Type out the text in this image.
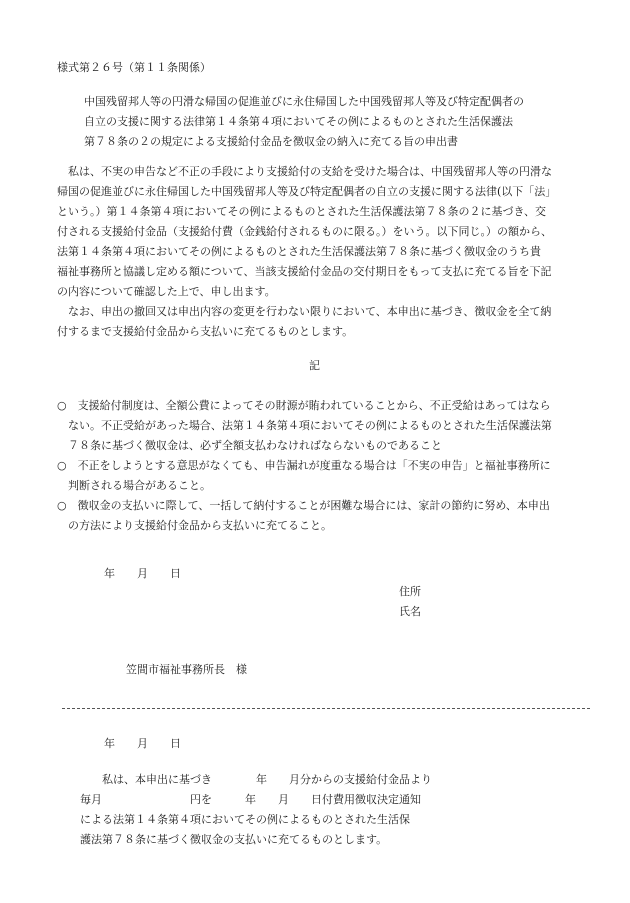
様式第２６号（第１１条関係）
中国残留邦人等の円滑な帰国の促進並びに永住帰国した中国残留邦人等及び特定配偶者の
自立の支援に関する法律第１４条第４項においてその例によるものとされた生活保護法
第７８条の２の規定による支援給付金品を徴収金の納入に充てる旨の申出書
　私は、不実の申告など不正の手段により支援給付の支給を受けた場合は、中国残留邦人等の円滑な
帰国の促進並びに永住帰国した中国残留邦人等及び特定配偶者の自立の支援に関する法律(以下「法」
という。）第１４条第４項においてその例によるものとされた生活保護法第７８条の２に基づき、交
付される支援給付金品（支援給付費（金銭給付されるものに限る。）をいう。以下同じ。）の額から、
法第１４条第４項においてその例によるものとされた生活保護法第７８条に基づく徴収金のうち貴
福祉事務所と協議し定める額について、当該支援給付金品の交付期日をもって支払に充てる旨を下記
の内容について確認した上で、申し出ます。
　なお、申出の撤回又は申出内容の変更を行わない限りにおいて、本申出に基づき、徴収金を全て納
付するまで支援給付金品から支払いに充てるものとします。
記
○　支援給付制度は、全額公費によってその財源が賄われていることから、不正受給はあってはなら
　ない。不正受給があった場合、法第１４条第４項においてその例によるものとされた生活保護法第
　７８条に基づく徴収金は、必ず全額支払わなければならないものであること
○　不正をしようとする意思がなくても、申告漏れが度重なる場合は「不実の申告」と福祉事務所に
　判断される場合があること。
○　徴収金の支払いに際して、一括して納付することが困難な場合には、家計の節約に努め、本申出
　の方法により支援給付金品から支払いに充てること。
年　　月　　日
住所
氏名
笠間市福祉事務所長　様
年　　月　　日
　　私は、本申出に基づき　　　　年　　月分からの支援給付金品より
毎月　　　　　　　　円を　　　年　　月　　日付費用徴収決定通知
による法第１４条第４項においてその例によるものとされた生活保
護法第７８条に基づく徴収金の支払いに充てるものとします。
